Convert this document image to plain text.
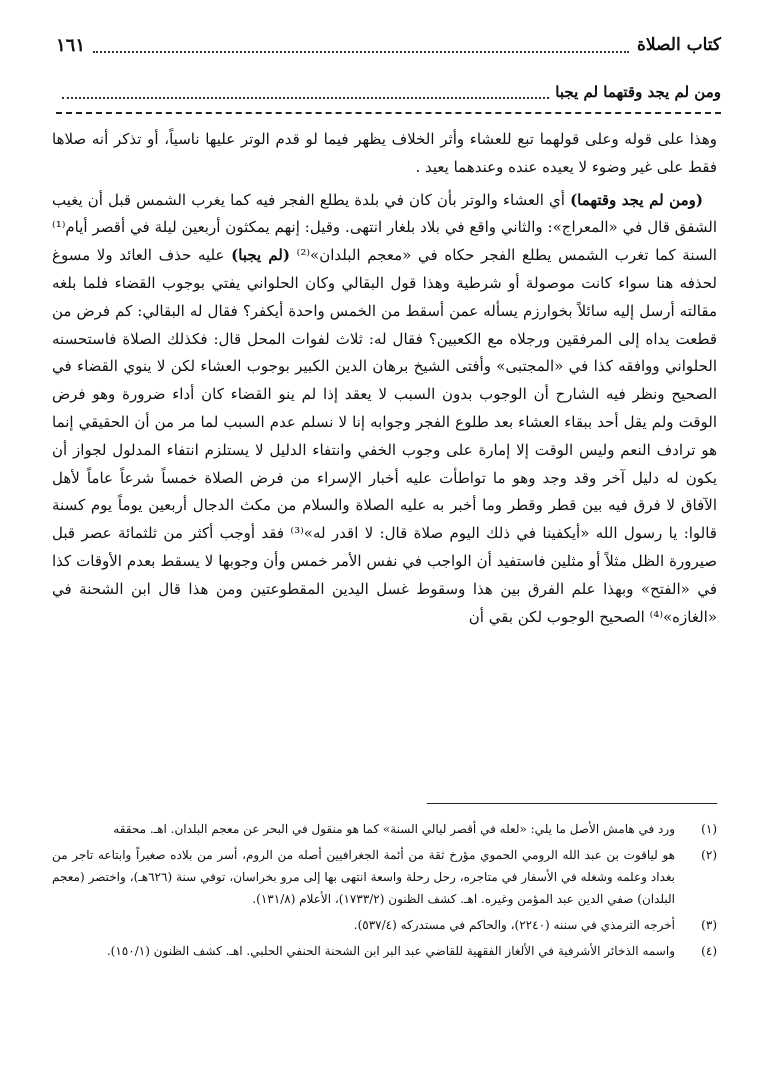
كتاب الصلاة
١٦١
ومن لم يجد وقتهما لم يجبا

وهذا على قوله وعلى قولهما تبع للعشاء وأثر الخلاف يظهر فيما لو قدم الوتر عليها ناسياً، أو تذكر أنه صلاها فقط على غير وضوء لا يعيده عنده وعندهما يعيد .

(ومن لم يجد وقتهما) أي العشاء والوتر بأن كان في بلدة يطلع الفجر فيه كما يغرب الشمس قبل أن يغيب الشفق قال في «المعراج»: والثاني واقع في بلاد بلغار انتهى. وقيل: إنهم يمكثون أربعين ليلة في أقصر أيام⁽¹⁾ السنة كما تغرب الشمس يطلع الفجر حكاه في «معجم البلدان»⁽²⁾ (لم يجبا) عليه حذف العائد ولا مسوغ لحذفه هنا سواء كانت موصولة أو شرطية وهذا قول البقالي وكان الحلواني يفتي بوجوب القضاء فلما بلغه مقالته أرسل إليه سائلاً بخوارزم يسأله عمن أسقط من الخمس واحدة أيكفر؟ فقال له البقالي: كم فرض من قطعت يداه إلى المرفقين ورجلاه مع الكعبين؟ فقال له: ثلاث لفوات المحل قال: فكذلك الصلاة فاستحسنه الحلواني ووافقه كذا في «المجتبى» وأفتى الشيخ برهان الدين الكبير بوجوب العشاء لكن لا ينوي القضاء في الصحيح ونظر فيه الشارح أن الوجوب بدون السبب لا يعقد إذا لم ينو القضاء كان أداء ضرورة وهو فرض الوقت ولم يقل أحد ببقاء العشاء بعد طلوع الفجر وجوابه إنا لا نسلم عدم السبب لما مر من أن الحقيقي إنما هو ترادف النعم وليس الوقت إلا إمارة على وجوب الخفي وانتفاء الدليل لا يستلزم انتفاء المدلول لجواز أن يكون له دليل آخر وقد وجد وهو ما تواطأت عليه أخبار الإسراء من فرض الصلاة خمساً شرعاً عاماً لأهل الآفاق لا فرق فيه بين قطر وقطر وما أخبر به عليه الصلاة والسلام من مكث الدجال أربعين يوماً يوم كسنة قالوا: يا رسول الله «أيكفينا في ذلك اليوم صلاة قال: لا اقدر له»⁽³⁾ فقد أوجب أكثر من ثلثمائة عصر قبل صيرورة الظل مثلاً أو مثلين فاستفيد أن الواجب في نفس الأمر خمس وأن وجوبها لا يسقط بعدم الأوقات كذا في «الفتح» وبهذا علم الفرق بين هذا وسقوط غسل اليدين المقطوعتين ومن هذا قال ابن الشحنة في «الغازه»⁽⁴⁾ الصحيح الوجوب لكن بقي أن

(١)
ورد في هامش الأصل ما يلي: «لعله في أقصر ليالي السنة» كما هو منقول في البحر عن معجم البلدان. اهـ. محققه
(٢)
هو لياقوت بن عبد الله الرومي الحموي مؤرخ ثقة من أئمة الجغرافيين أصله من الروم، أسر من بلاده صغيراً وابتاعه تاجر من بغداد وعلمه وشغله في الأسفار في متاجره، رحل رحلة واسعة انتهى بها إلى مرو بخراسان، توفي سنة (٦٢٦هـ)، واختصر (معجم البلدان) صفي الدين عبد المؤمن وغيره. اهـ. كشف الظنون (١٧٣٣/٢)، الأعلام (١٣١/٨).
(٣)
أخرجه الترمذي في سننه (٢٢٤٠)، والحاكم في مستدركه (٥٣٧/٤).
(٤)
واسمه الذخائر الأشرفية في الألغاز الفقهية للقاضي عبد البر ابن الشحنة الحنفي الحلبي. اهـ. كشف الظنون (١٥٠/١).
